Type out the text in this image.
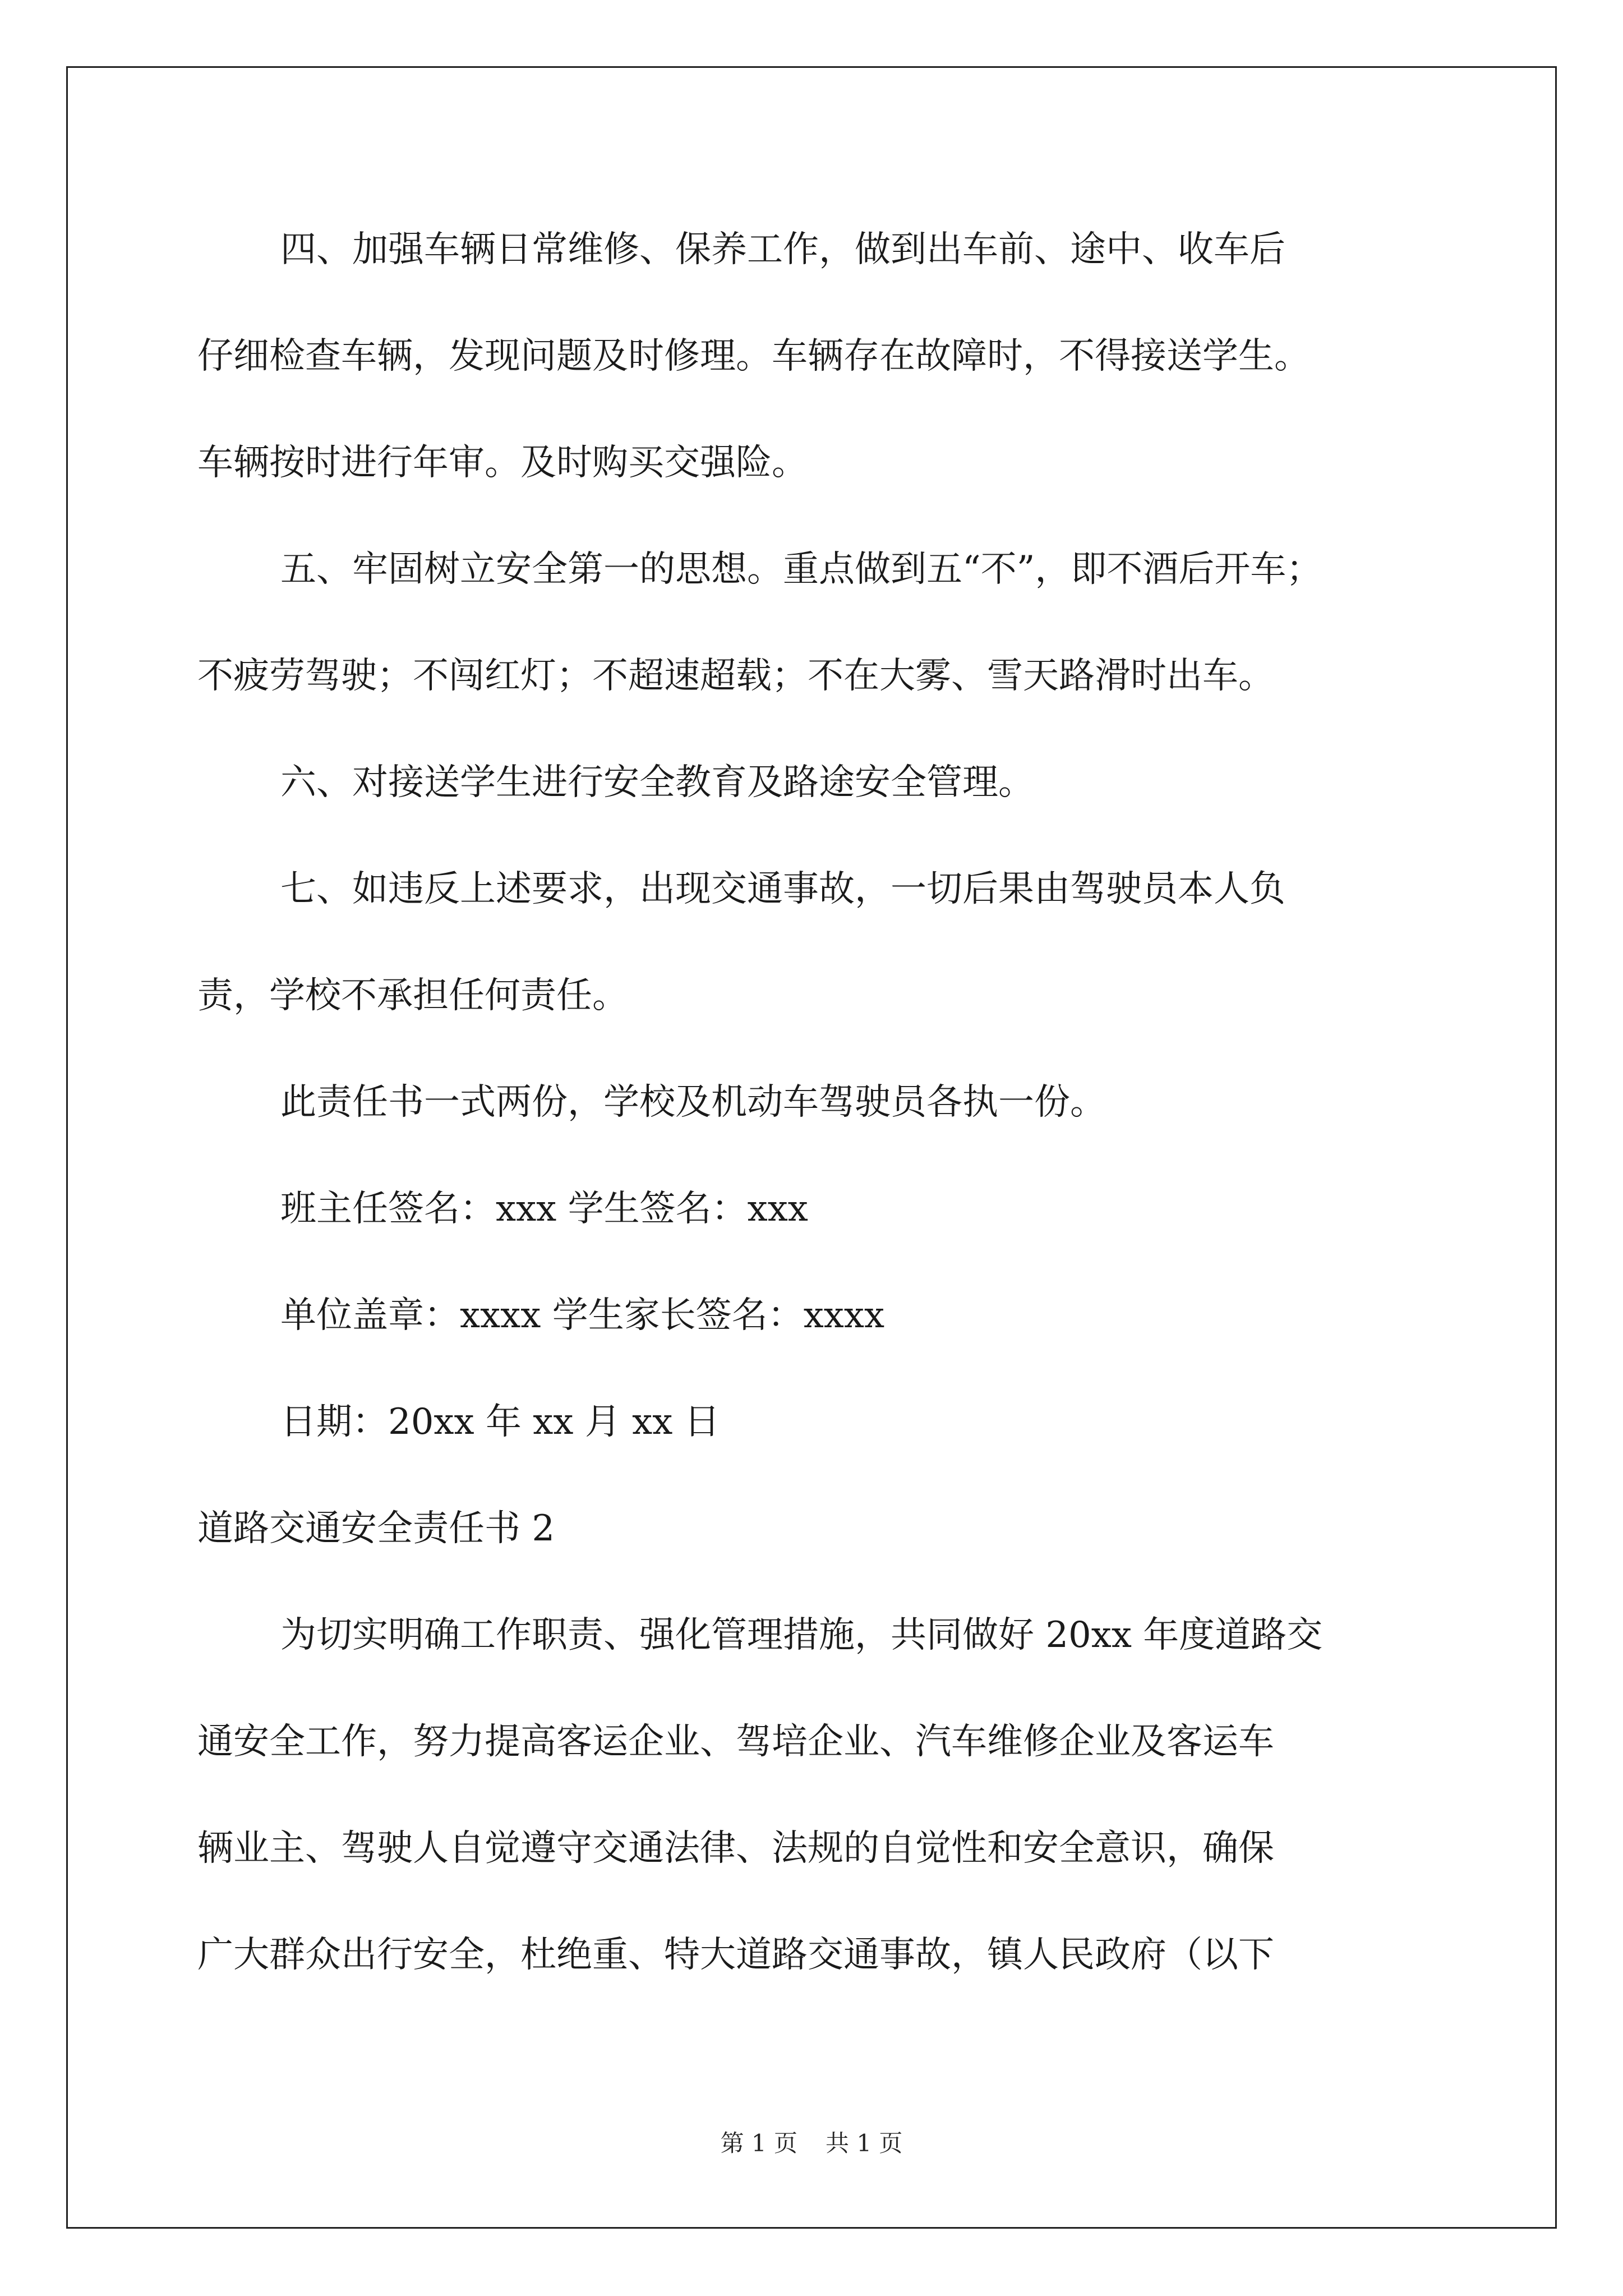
四、加强车辆日常维修、保养工作，做到出车前、途中、收车后
仔细检查车辆，发现问题及时修理。车辆存在故障时，不得接送学生。
车辆按时进行年审。及时购买交强险。
五、牢固树立安全第一的思想。重点做到五“不”，即不酒后开车；
不疲劳驾驶；不闯红灯；不超速超载；不在大雾、雪天路滑时出车。
六、对接送学生进行安全教育及路途安全管理。
七、如违反上述要求，出现交通事故，一切后果由驾驶员本人负
责，学校不承担任何责任。
此责任书一式两份，学校及机动车驾驶员各执一份。
班主任签名：xxx 学生签名：xxx
单位盖章：xxxx 学生家长签名：xxxx
日期：20xx 年 xx 月 xx 日
道路交通安全责任书 2
为切实明确工作职责、强化管理措施，共同做好 20xx 年度道路交
通安全工作，努力提高客运企业、驾培企业、汽车维修企业及客运车
辆业主、驾驶人自觉遵守交通法律、法规的自觉性和安全意识，确保
广大群众出行安全，杜绝重、特大道路交通事故，镇人民政府（以下
第 1 页 共 1 页
